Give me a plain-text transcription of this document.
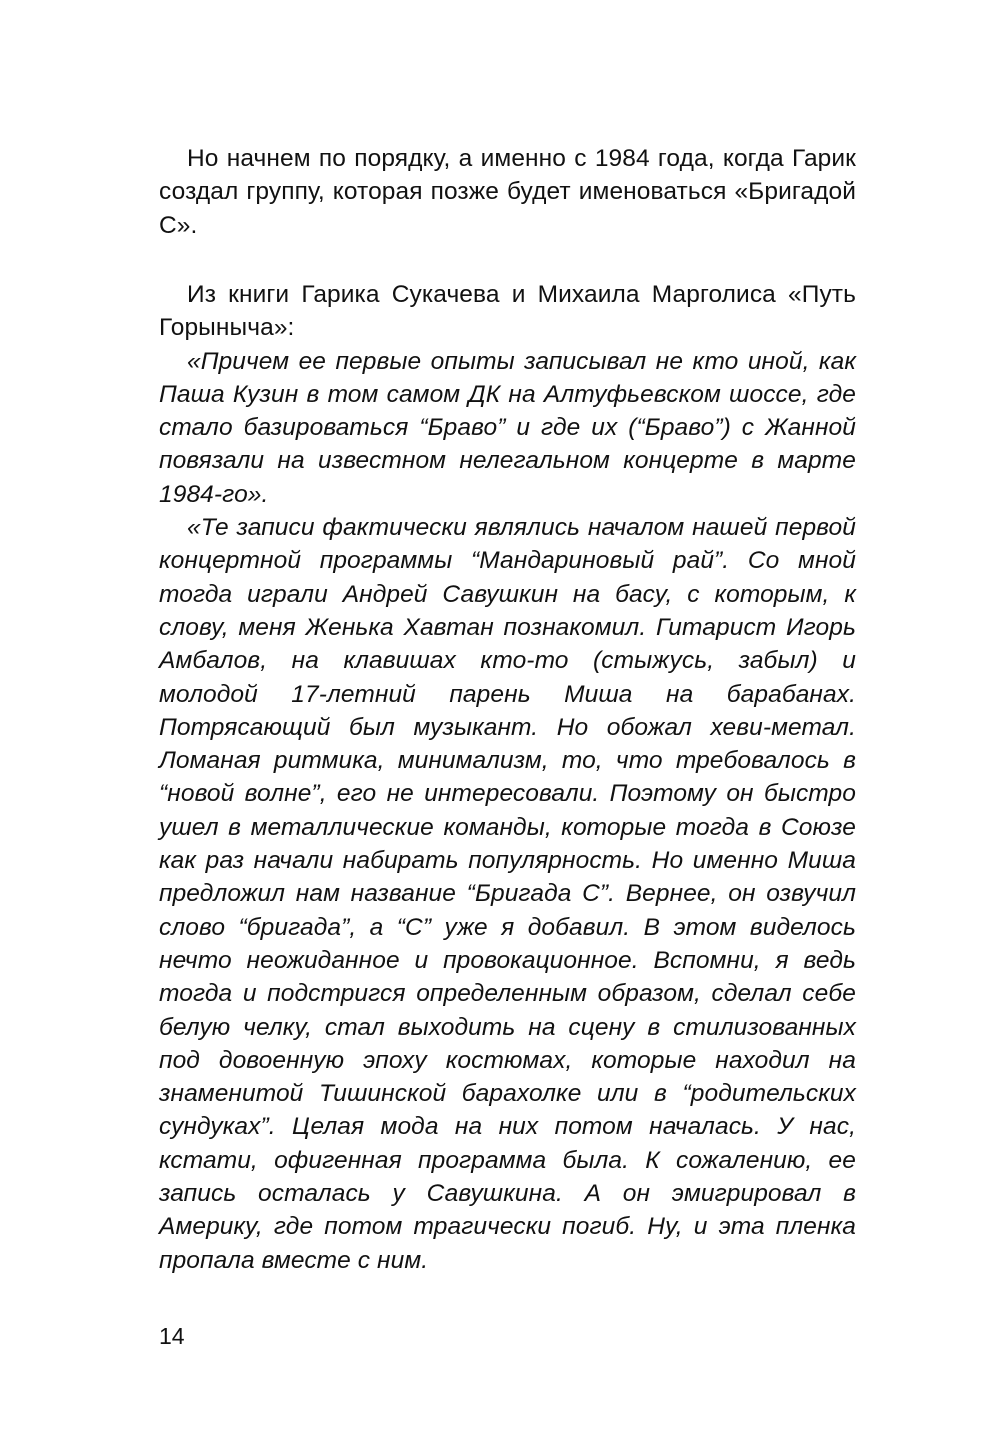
Но начнем по порядку, а именно с 1984 года, когда Гарик создал группу, которая позже будет именоваться «Бригадой С».

Из книги Гарика Сукачева и Михаила Марголиса «Путь Горыныча»:

«Причем ее первые опыты записывал не кто иной, как Паша Кузин в том самом ДК на Алтуфьевском шоссе, где стало базироваться “Браво” и где их (“Браво”) с Жанной повязали на известном нелегальном концерте в марте 1984-го».

«Те записи фактически являлись началом нашей первой концертной программы “Мандариновый рай”. Со мной тогда играли Андрей Савушкин на басу, с которым, к слову, меня Женька Хавтан познакомил. Гитарист Игорь Амбалов, на клавишах кто-то (стыжусь, забыл) и молодой 17-летний парень Миша на барабанах. Потрясающий был музыкант. Но обожал хеви-метал. Ломаная ритмика, минимализм, то, что требовалось в “новой волне”, его не интересовали. Поэтому он быстро ушел в металлические команды, которые тогда в Союзе как раз начали набирать популярность. Но именно Миша предложил нам название “Бригада С”. Вернее, он озвучил слово “бригада”, а “С” уже я добавил. В этом виделось нечто неожиданное и провокационное. Вспомни, я ведь тогда и подстригся определенным образом, сделал себе белую челку, стал выходить на сцену в стилизованных под довоенную эпоху костюмах, которые находил на знаменитой Тишинской барахолке или в “родительских сундуках”. Целая мода на них потом началась. У нас, кстати, офигенная программа была. К сожалению, ее запись осталась у Савушкина. А он эмигрировал в Америку, где потом трагически погиб. Ну, и эта пленка пропала вместе с ним.

14
